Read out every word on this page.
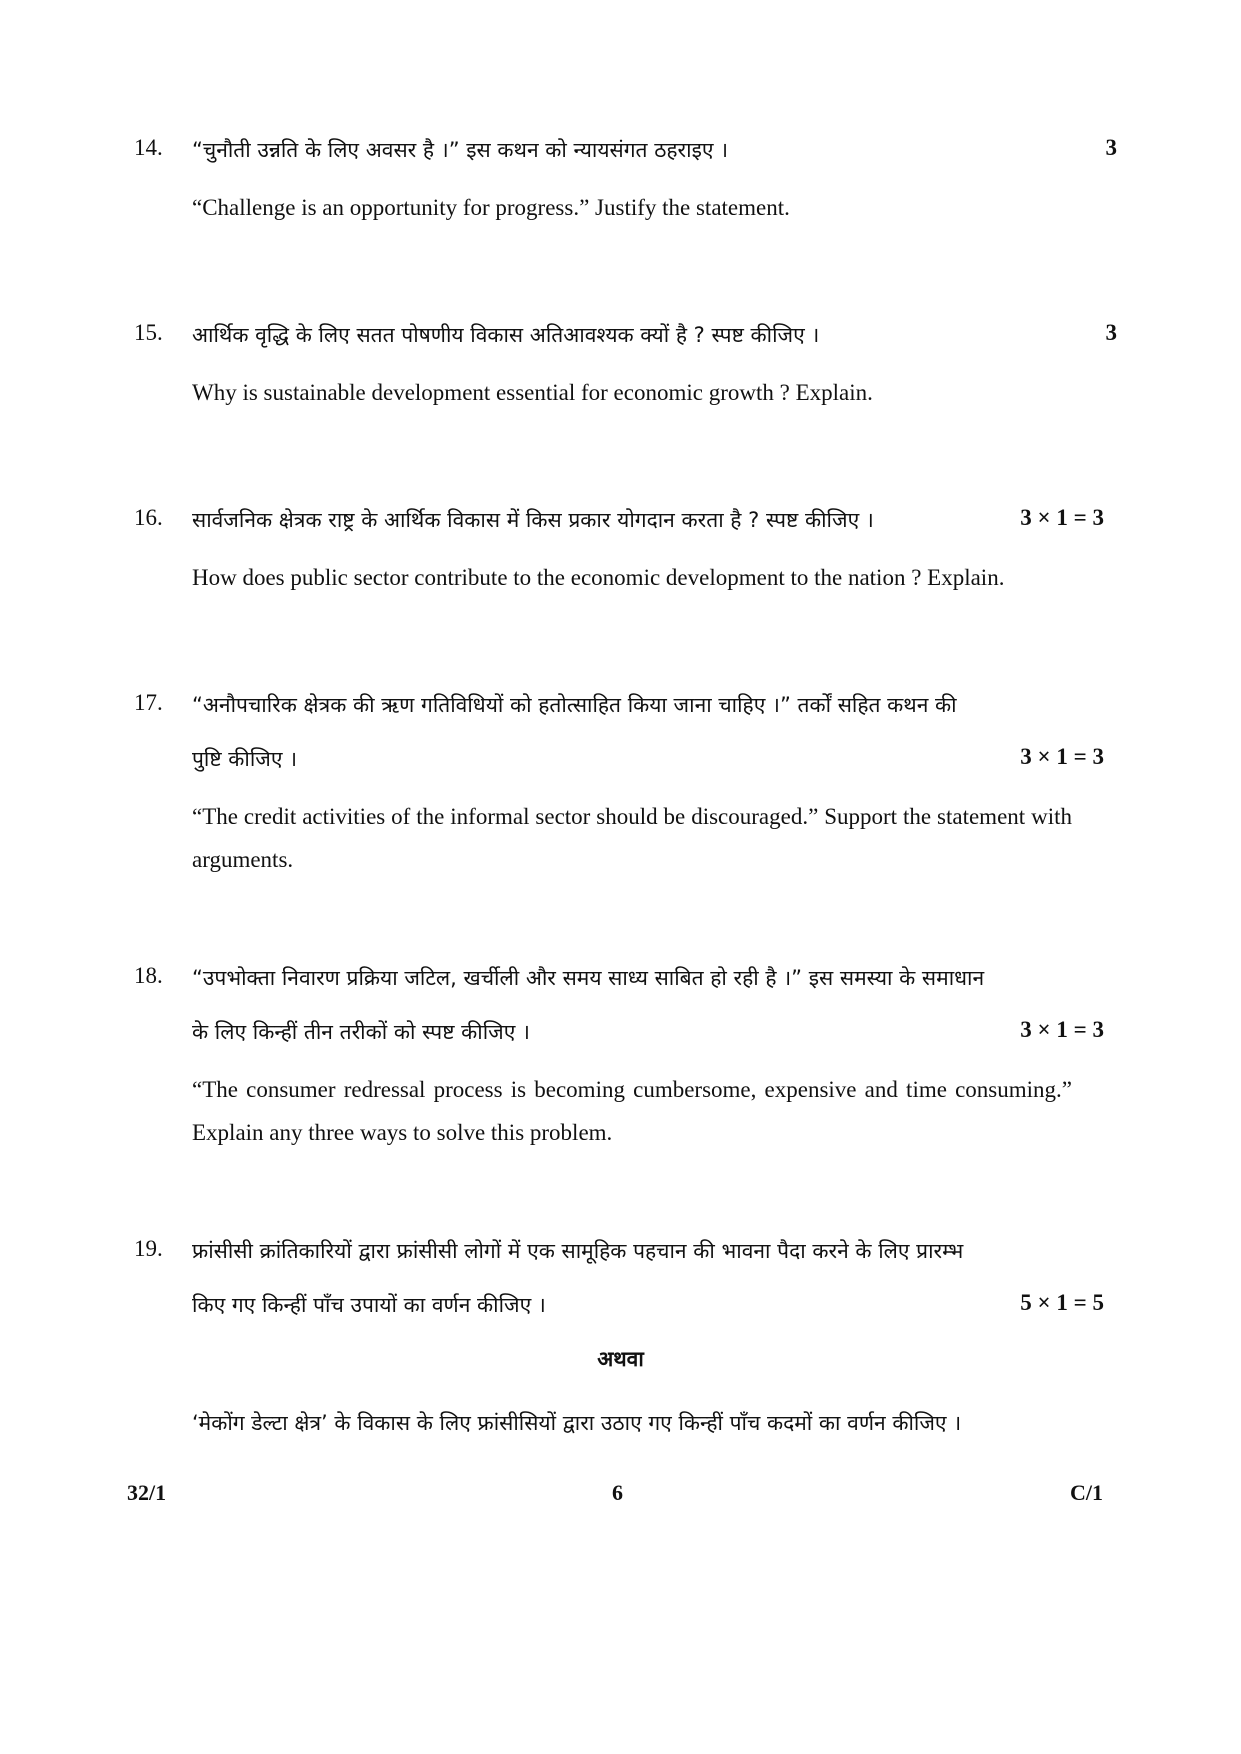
14. “चुनौती उन्नति के लिए अवसर है ।” इस कथन को न्यायसंगत ठहराइए ।	3
“Challenge is an opportunity for progress.” Justify the statement.
15. आर्थिक वृद्धि के लिए सतत पोषणीय विकास अतिआवश्यक क्यों है ? स्पष्ट कीजिए ।	3
Why is sustainable development essential for economic growth ? Explain.
16. सार्वजनिक क्षेत्रक राष्ट्र के आर्थिक विकास में किस प्रकार योगदान करता है ? स्पष्ट कीजिए ।	3 × 1 = 3
How does public sector contribute to the economic development to the nation ? Explain.
17. “अनौपचारिक क्षेत्रक की ऋण गतिविधियों को हतोत्साहित किया जाना चाहिए ।” तर्कों सहित कथन की
पुष्टि कीजिए ।	3 × 1 = 3
“The credit activities of the informal sector should be discouraged.” Support the statement with arguments.
18. “उपभोक्ता निवारण प्रक्रिया जटिल, खर्चीली और समय साध्य साबित हो रही है ।” इस समस्या के समाधान
के लिए किन्हीं तीन तरीकों को स्पष्ट कीजिए ।	3 × 1 = 3
“The consumer redressal process is becoming cumbersome, expensive and time consuming.” Explain any three ways to solve this problem.
19. फ्रांसीसी क्रांतिकारियों द्वारा फ्रांसीसी लोगों में एक सामूहिक पहचान की भावना पैदा करने के लिए प्रारम्भ
किए गए किन्हीं पाँच उपायों का वर्णन कीजिए ।	5 × 1 = 5
अथवा
‘मेकोंग डेल्टा क्षेत्र’ के विकास के लिए फ्रांसीसियों द्वारा उठाए गए किन्हीं पाँच कदमों का वर्णन कीजिए ।
32/1	6	C/1
